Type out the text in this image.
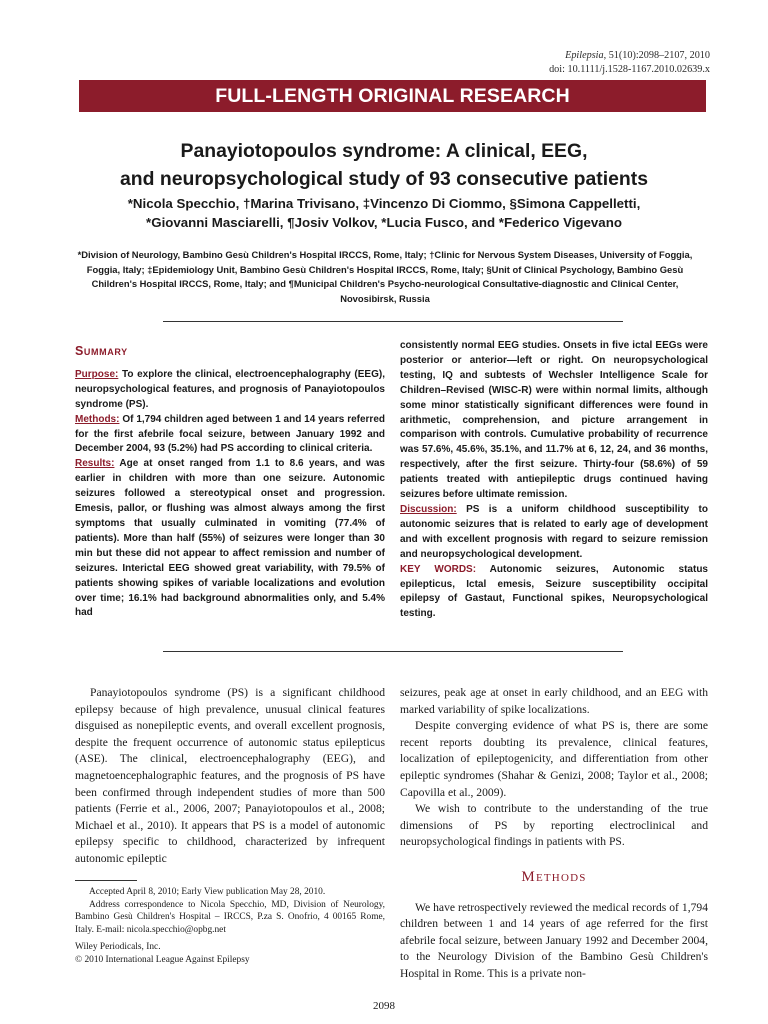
Epilepsia, 51(10):2098–2107, 2010
doi: 10.1111/j.1528-1167.2010.02639.x
FULL-LENGTH ORIGINAL RESEARCH
Panayiotopoulos syndrome: A clinical, EEG,
and neuropsychological study of 93 consecutive patients
*Nicola Specchio, †Marina Trivisano, ‡Vincenzo Di Ciommo, §Simona Cappelletti,
*Giovanni Masciarelli, ¶Josiv Volkov, *Lucia Fusco, and *Federico Vigevano
*Division of Neurology, Bambino Gesù Children's Hospital IRCCS, Rome, Italy; †Clinic for Nervous System Diseases, University of Foggia, Foggia, Italy; ‡Epidemiology Unit, Bambino Gesù Children's Hospital IRCCS, Rome, Italy; §Unit of Clinical Psychology, Bambino Gesù Children's Hospital IRCCS, Rome, Italy; and ¶Municipal Children's Psycho-neurological Consultative-diagnostic and Clinical Center, Novosibirsk, Russia

Summary

Purpose: To explore the clinical, electroencephalography (EEG), neuropsychological features, and prognosis of Panayiotopoulos syndrome (PS).

Methods: Of 1,794 children aged between 1 and 14 years referred for the first afebrile focal seizure, between January 1992 and December 2004, 93 (5.2%) had PS according to clinical criteria.

Results: Age at onset ranged from 1.1 to 8.6 years, and was earlier in children with more than one seizure. Autonomic seizures followed a stereotypical onset and progression. Emesis, pallor, or flushing was almost always among the first symptoms that usually culminated in vomiting (77.4% of patients). More than half (55%) of seizures were longer than 30 min but these did not appear to affect remission and number of seizures. Interictal EEG showed great variability, with 79.5% of patients showing spikes of variable localizations and evolution over time; 16.1% had background abnormalities only, and 5.4% had

consistently normal EEG studies. Onsets in five ictal EEGs were posterior or anterior—left or right. On neuropsychological testing, IQ and subtests of Wechsler Intelligence Scale for Children–Revised (WISC-R) were within normal limits, although some minor statistically significant differences were found in arithmetic, comprehension, and picture arrangement in comparison with controls. Cumulative probability of recurrence was 57.6%, 45.6%, 35.1%, and 11.7% at 6, 12, 24, and 36 months, respectively, after the first seizure. Thirty-four (58.6%) of 59 patients treated with antiepileptic drugs continued having seizures before ultimate remission.

Discussion: PS is a uniform childhood susceptibility to autonomic seizures that is related to early age of development and with excellent prognosis with regard to seizure remission and neuropsychological development.

KEY WORDS: Autonomic seizures, Autonomic status epilepticus, Ictal emesis, Seizure susceptibility occipital epilepsy of Gastaut, Functional spikes, Neuropsychological testing.

Panayiotopoulos syndrome (PS) is a significant childhood epilepsy because of high prevalence, unusual clinical features disguised as nonepileptic events, and overall excellent prognosis, despite the frequent occurrence of autonomic status epilepticus (ASE). The clinical, electroencephalography (EEG), and magnetoencephalographic features, and the prognosis of PS have been confirmed through independent studies of more than 500 patients (Ferrie et al., 2006, 2007; Panayiotopoulos et al., 2008; Michael et al., 2010). It appears that PS is a model of autonomic epilepsy specific to childhood, characterized by infrequent autonomic epileptic

seizures, peak age at onset in early childhood, and an EEG with marked variability of spike localizations.

Despite converging evidence of what PS is, there are some recent reports doubting its prevalence, clinical features, localization of epileptogenicity, and differentiation from other epileptic syndromes (Shahar & Genizi, 2008; Taylor et al., 2008; Capovilla et al., 2009).

We wish to contribute to the understanding of the true dimensions of PS by reporting electroclinical and neuropsychological findings in patients with PS.

Methods

We have retrospectively reviewed the medical records of 1,794 children between 1 and 14 years of age referred for the first afebrile focal seizure, between January 1992 and December 2004, to the Neurology Division of the Bambino Gesù Children's Hospital in Rome. This is a private non-

Accepted April 8, 2010; Early View publication May 28, 2010.

Address correspondence to Nicola Specchio, MD, Division of Neurology, Bambino Gesù Children's Hospital – IRCCS, P.za S. Onofrio, 4 00165 Rome, Italy. E-mail: nicola.specchio@opbg.net

Wiley Periodicals, Inc.

© 2010 International League Against Epilepsy

2098
